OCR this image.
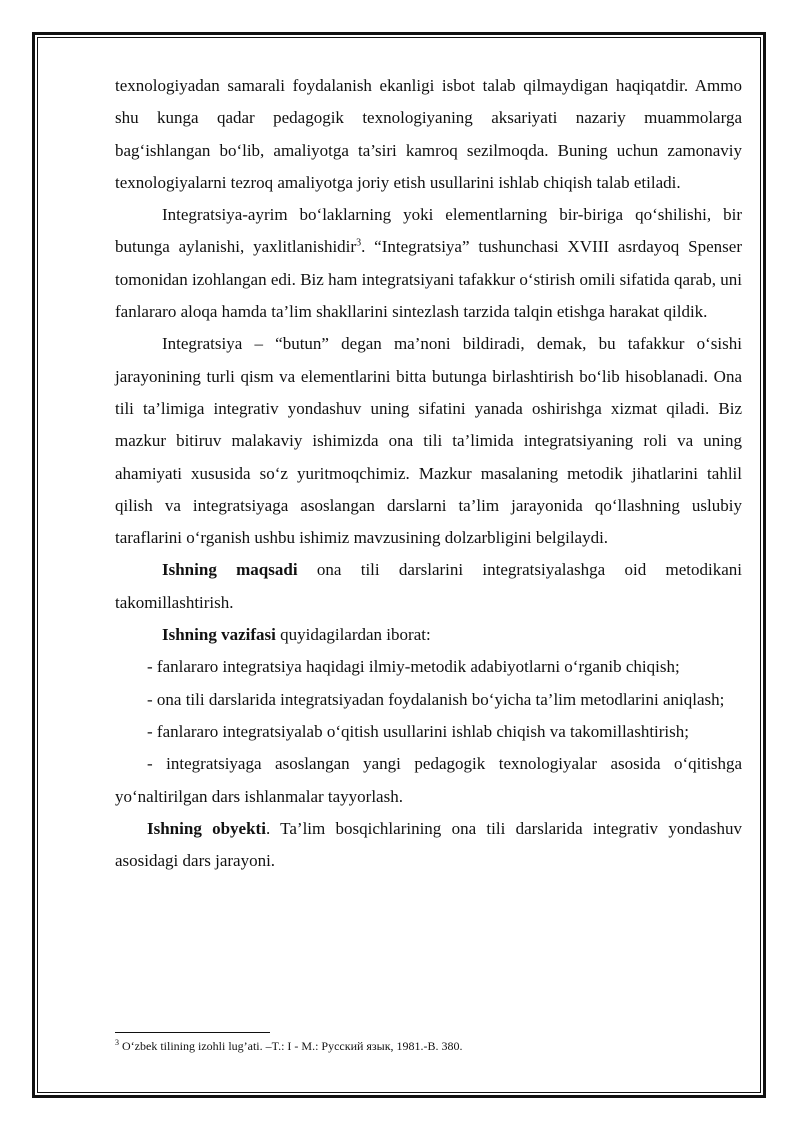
texnologiyadan samarali foydalanish ekanligi isbot talab qilmaydigan haqiqatdir. Ammo shu kunga qadar pedagogik texnologiyaning aksariyati nazariy muammolarga bag‘ishlangan bo‘lib, amaliyotga ta’siri kamroq sezilmoqda. Buning uchun zamonaviy texnologiyalarni tezroq amaliyotga joriy etish usullarini ishlab chiqish talab etiladi.

Integratsiya-ayrim bo‘laklarning yoki elementlarning bir-biriga qo‘shilishi, bir butunga aylanishi, yaxlitlanishidir$^3$. “Integratsiya” tushunchasi XVIII asrdayoq Spenser tomonidan izohlangan edi. Biz ham integratsiyani tafakkur o‘stirish omili sifatida qarab, uni fanlararo aloqa hamda ta’lim shakllarini sintezlash tarzida talqin etishga harakat qildik.

Integratsiya – “butun” degan ma’noni bildiradi, demak, bu tafakkur o‘sishi jarayonining turli qism va elementlarini bitta butunga birlashtirish bo‘lib hisoblanadi. Ona tili ta’limiga integrativ yondashuv uning sifatini yanada oshirishga xizmat qiladi. Biz mazkur bitiruv malakaviy ishimizda ona tili ta’limida integratsiyaning roli va uning ahamiyati xususida so‘z yuritmoqchimiz. Mazkur masalaning metodik jihatlarini tahlil qilish va integratsiyaga asoslangan darslarni ta’lim jarayonida qo‘llashning uslubiy taraflarini o‘rganish ushbu ishimiz mavzusining dolzarbligini belgilaydi.

Ishning maqsadi ona tili darslarini integratsiyalashga oid metodikani takomillashtirish.

Ishning vazifasi quyidagilardan iborat:

- fanlararo integratsiya haqidagi ilmiy-metodik adabiyotlarni o‘rganib chiqish;

- ona tili darslarida integratsiyadan foydalanish bo‘yicha ta’lim metodlarini aniqlash;

- fanlararo integratsiyalab o‘qitish usullarini ishlab chiqish va takomillashtirish;

- integratsiyaga asoslangan yangi pedagogik texnologiyalar asosida o‘qitishga yo‘naltirilgan dars ishlanmalar tayyorlash.

Ishning obyekti. Ta’lim bosqichlarining ona tili darslarida integrativ yondashuv asosidagi dars jarayoni.

$^3$ O‘zbek tilining izohli lug’ati. –T.: I - M.: Русский язык, 1981.-B. 380.
